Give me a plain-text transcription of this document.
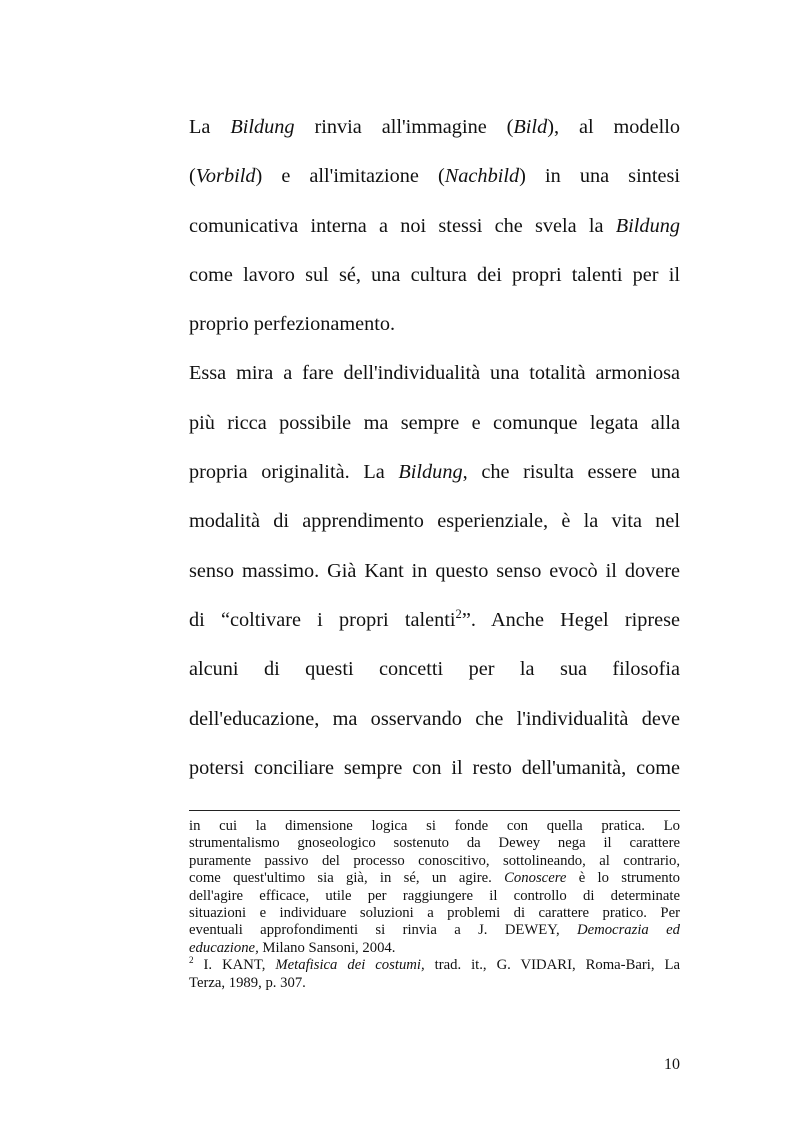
La Bildung rinvia all'immagine (Bild), al modello
(Vorbild) e all'imitazione (Nachbild) in una sintesi
comunicativa interna a noi stessi che svela la Bildung
come lavoro sul sé, una cultura dei propri talenti per il
proprio perfezionamento.

Essa mira a fare dell'individualità una totalità armoniosa
più ricca possibile ma sempre e comunque legata alla
propria originalità. La Bildung, che risulta essere una
modalità di apprendimento esperienziale, è la vita nel
senso massimo. Già Kant in questo senso evocò il dovere
di “coltivare i propri talenti$^2$”. Anche Hegel riprese
alcuni di questi concetti per la sua filosofia
dell'educazione, ma osservando che l'individualità deve
potersi conciliare sempre con il resto dell'umanità, come

in cui la dimensione logica si fonde con quella pratica. Lo
strumentalismo gnoseologico sostenuto da Dewey nega il carattere
puramente passivo del processo conoscitivo, sottolineando, al contrario,
come quest'ultimo sia già, in sé, un agire. Conoscere è lo strumento
dell'agire efficace, utile per raggiungere il controllo di determinate
situazioni e individuare soluzioni a problemi di carattere pratico. Per
eventuali approfondimenti si rinvia a J. DEWEY, Democrazia ed
educazione, Milano Sansoni, 2004.
$^2$ I. KANT, Metafisica dei costumi, trad. it., G. VIDARI, Roma-Bari, La
Terza, 1989, p. 307.
10
